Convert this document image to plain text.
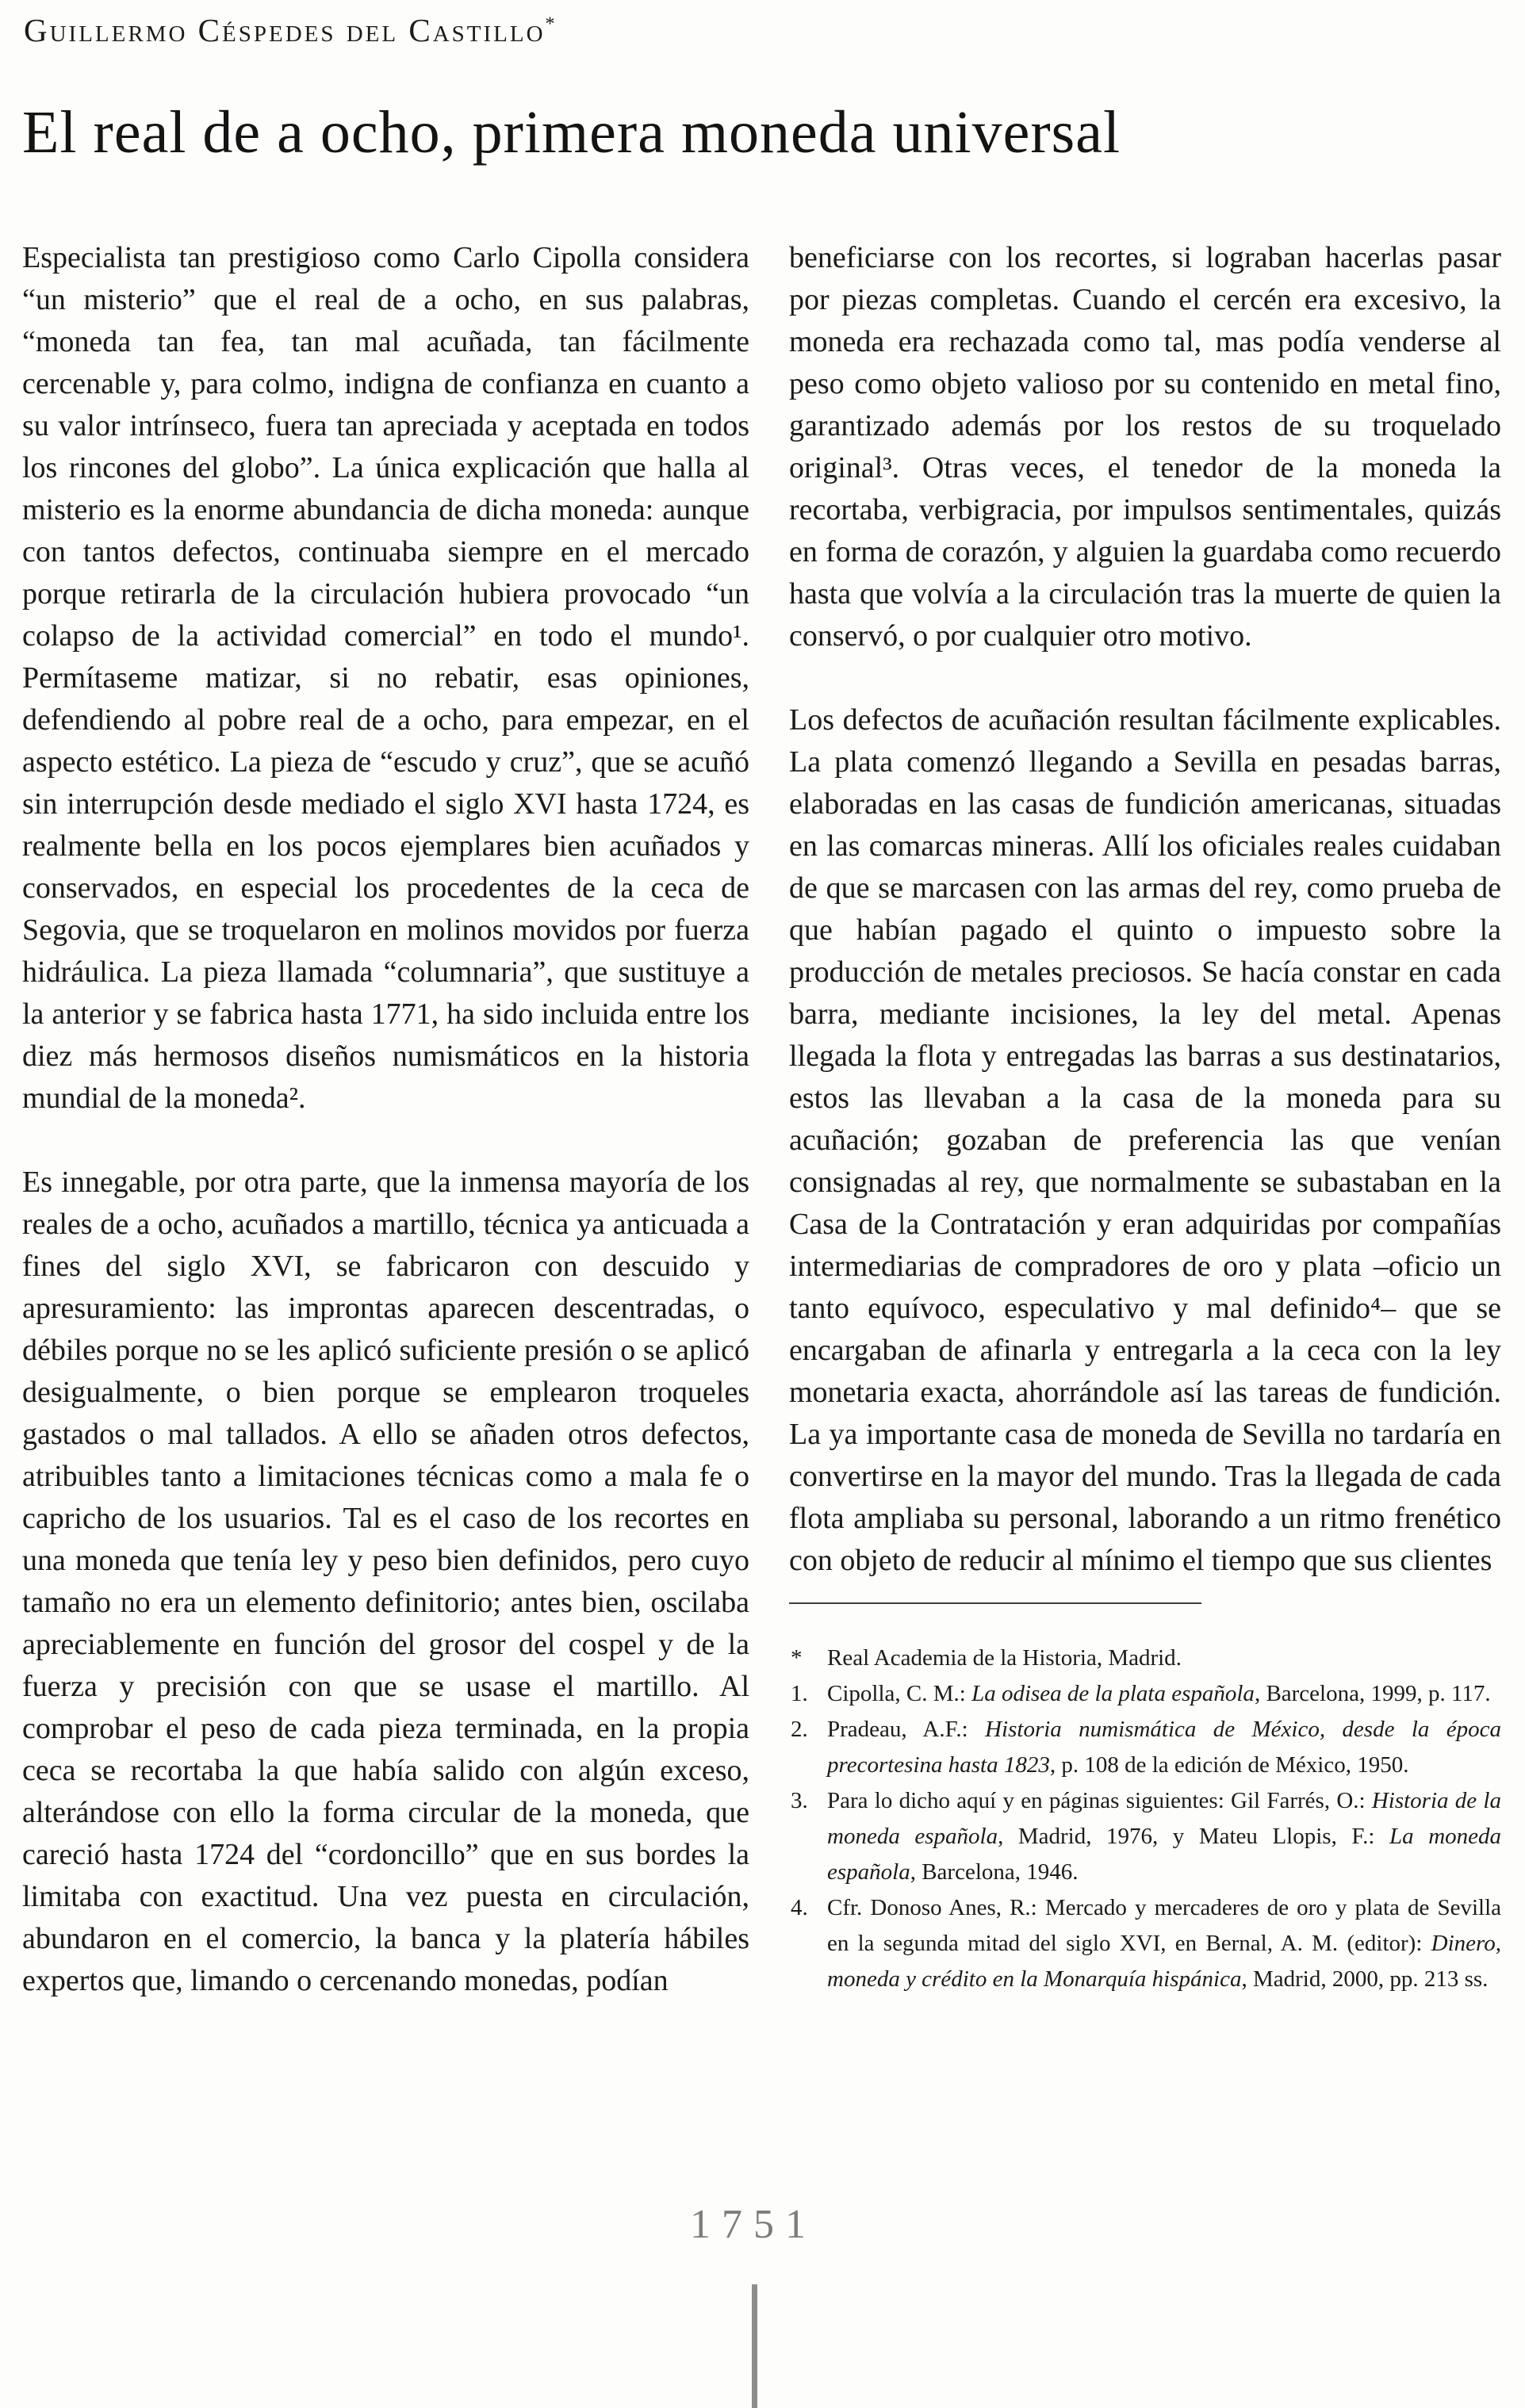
Guillermo Céspedes del Castillo*
El real de a ocho, primera moneda universal

Especialista tan prestigioso como Carlo Cipolla considera “un misterio” que el real de a ocho, en sus palabras, “moneda tan fea, tan mal acuñada, tan fácilmente cercenable y, para colmo, indigna de confianza en cuanto a su valor intrínseco, fuera tan apreciada y aceptada en todos los rincones del globo”. La única explicación que halla al misterio es la enorme abundancia de dicha moneda: aunque con tantos defectos, continuaba siempre en el mercado porque retirarla de la circulación hubiera provocado “un colapso de la actividad comercial” en todo el mundo¹. Permítaseme matizar, si no rebatir, esas opiniones, defendiendo al pobre real de a ocho, para empezar, en el aspecto estético. La pieza de “escudo y cruz”, que se acuñó sin interrupción desde mediado el siglo XVI hasta 1724, es realmente bella en los pocos ejemplares bien acuñados y conservados, en especial los procedentes de la ceca de Segovia, que se troquelaron en molinos movidos por fuerza hidráulica. La pieza llamada “columnaria”, que sustituye a la anterior y se fabrica hasta 1771, ha sido incluida entre los diez más hermosos diseños numismáticos en la historia mundial de la moneda².

Es innegable, por otra parte, que la inmensa mayoría de los reales de a ocho, acuñados a martillo, técnica ya anticuada a fines del siglo XVI, se fabricaron con descuido y apresuramiento: las improntas aparecen descentradas, o débiles porque no se les aplicó suficiente presión o se aplicó desigualmente, o bien porque se emplearon troqueles gastados o mal tallados. A ello se añaden otros defectos, atribuibles tanto a limitaciones técnicas como a mala fe o capricho de los usuarios. Tal es el caso de los recortes en una moneda que tenía ley y peso bien definidos, pero cuyo tamaño no era un elemento definitorio; antes bien, oscilaba apreciablemente en función del grosor del cospel y de la fuerza y precisión con que se usase el martillo. Al comprobar el peso de cada pieza terminada, en la propia ceca se recortaba la que había salido con algún exceso, alterándose con ello la forma circular de la moneda, que careció hasta 1724 del “cordoncillo” que en sus bordes la limitaba con exactitud. Una vez puesta en circulación, abundaron en el comercio, la banca y la platería hábiles expertos que, limando o cercenando monedas, podían

beneficiarse con los recortes, si lograban hacerlas pasar por piezas completas. Cuando el cercén era excesivo, la moneda era rechazada como tal, mas podía venderse al peso como objeto valioso por su contenido en metal fino, garantizado además por los restos de su troquelado original³. Otras veces, el tenedor de la moneda la recortaba, verbigracia, por impulsos sentimentales, quizás en forma de corazón, y alguien la guardaba como recuerdo hasta que volvía a la circulación tras la muerte de quien la conservó, o por cualquier otro motivo.

Los defectos de acuñación resultan fácilmente explicables. La plata comenzó llegando a Sevilla en pesadas barras, elaboradas en las casas de fundición americanas, situadas en las comarcas mineras. Allí los oficiales reales cuidaban de que se marcasen con las armas del rey, como prueba de que habían pagado el quinto o impuesto sobre la producción de metales preciosos. Se hacía constar en cada barra, mediante incisiones, la ley del metal. Apenas llegada la flota y entregadas las barras a sus destinatarios, estos las llevaban a la casa de la moneda para su acuñación; gozaban de preferencia las que venían consignadas al rey, que normalmente se subastaban en la Casa de la Contratación y eran adquiridas por compañías intermediarias de compradores de oro y plata –oficio un tanto equívoco, especulativo y mal definido⁴– que se encargaban de afinarla y entregarla a la ceca con la ley monetaria exacta, ahorrándole así las tareas de fundición. La ya importante casa de moneda de Sevilla no tardaría en convertirse en la mayor del mundo. Tras la llegada de cada flota ampliaba su personal, laborando a un ritmo frenético con objeto de reducir al mínimo el tiempo que sus clientes

* Real Academia de la Historia, Madrid.
1. Cipolla, C. M.: La odisea de la plata española, Barcelona, 1999, p. 117.
2. Pradeau, A.F.: Historia numismática de México, desde la época precortesina hasta 1823, p. 108 de la edición de México, 1950.
3. Para lo dicho aquí y en páginas siguientes: Gil Farrés, O.: Historia de la moneda española, Madrid, 1976, y Mateu Llopis, F.: La moneda española, Barcelona, 1946.
4. Cfr. Donoso Anes, R.: Mercado y mercaderes de oro y plata de Sevilla en la segunda mitad del siglo XVI, en Bernal, A. M. (editor): Dinero, moneda y crédito en la Monarquía hispánica, Madrid, 2000, pp. 213 ss.
1751
